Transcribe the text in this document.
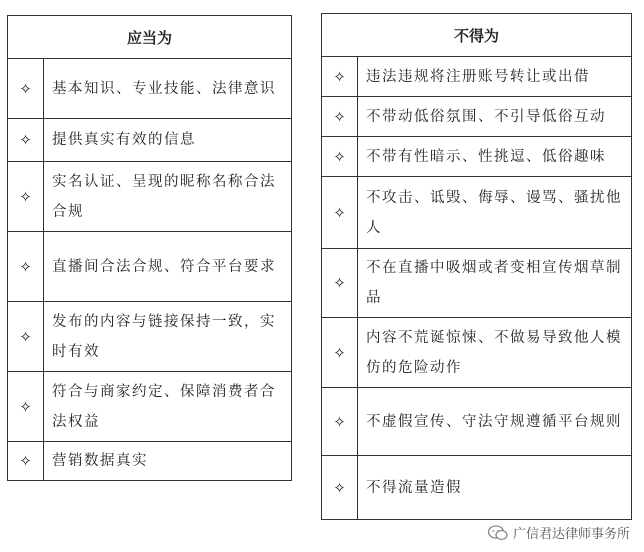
应当为	
✧	基本知识、专业技能、法律意识
✧	提供真实有效的信息
✧	实名认证、呈现的昵称名称合法合规
✧	直播间合法合规、符合平台要求
✧	发布的内容与链接保持一致，实时有效
✧	符合与商家约定、保障消费者合法权益
✧	营销数据真实
不得为	
✧	违法违规将注册账号转让或出借
✧	不带动低俗氛围、不引导低俗互动
✧	不带有性暗示、性挑逗、低俗趣味
✧	不攻击、诋毁、侮辱、谩骂、骚扰他人
✧	不在直播中吸烟或者变相宣传烟草制品
✧	内容不荒诞惊悚、不做易导致他人模仿的危险动作
✧	不虚假宣传、守法守规遵循平台规则
✧	不得流量造假
广信君达律师事务所
